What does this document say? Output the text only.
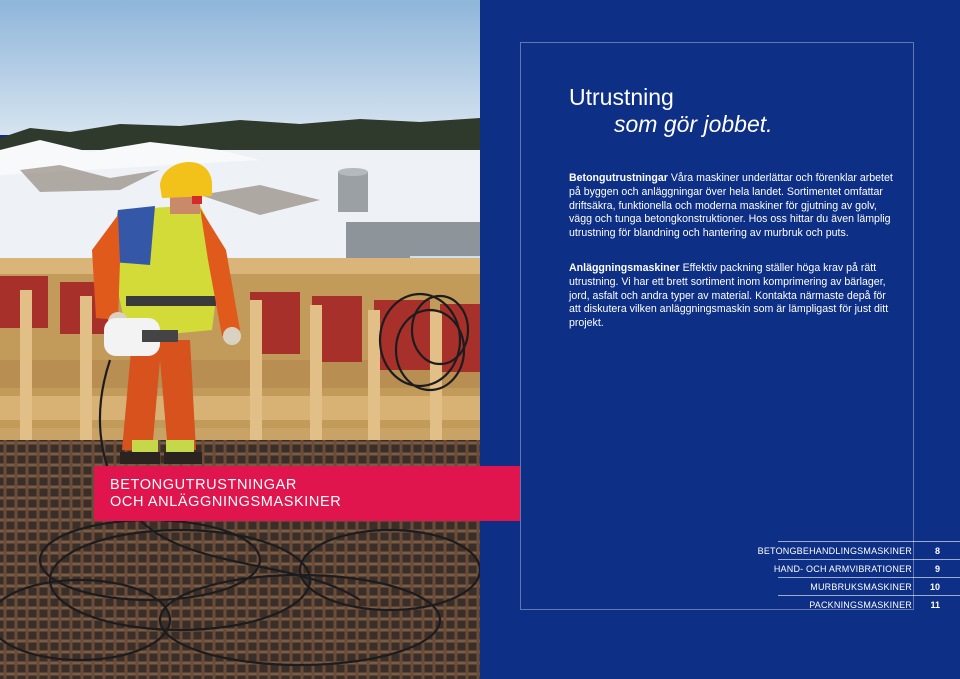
Utrustning
som gör jobbet.
Betongutrustningar Våra maskiner underlättar och förenklar arbetet på byggen och anläggningar över hela landet. Sortimentet omfattar driftsäkra, funktionella och moderna maskiner för gjutning av golv, vägg och tunga betongkonstruktioner. Hos oss hittar du även lämplig utrustning för blandning och hantering av murbruk och puts.
Anläggningsmaskiner Effektiv packning ställer höga krav på rätt utrustning. Vi har ett brett sortiment inom komprimering av bärlager, jord, asfalt och andra typer av material. Kontakta närmaste depå för att diskutera vilken anläggningsmaskin som är lämpligast för just ditt projekt.
BETONGUTRUSTNINGAR
OCH ANLÄGGNINGSMASKINER
BETONGBEHANDLINGSMASKINER	8
HAND- OCH ARMVIBRATIONER	9
MURBRUKSMASKINER 10
PACKNINGSMASKINER 11
